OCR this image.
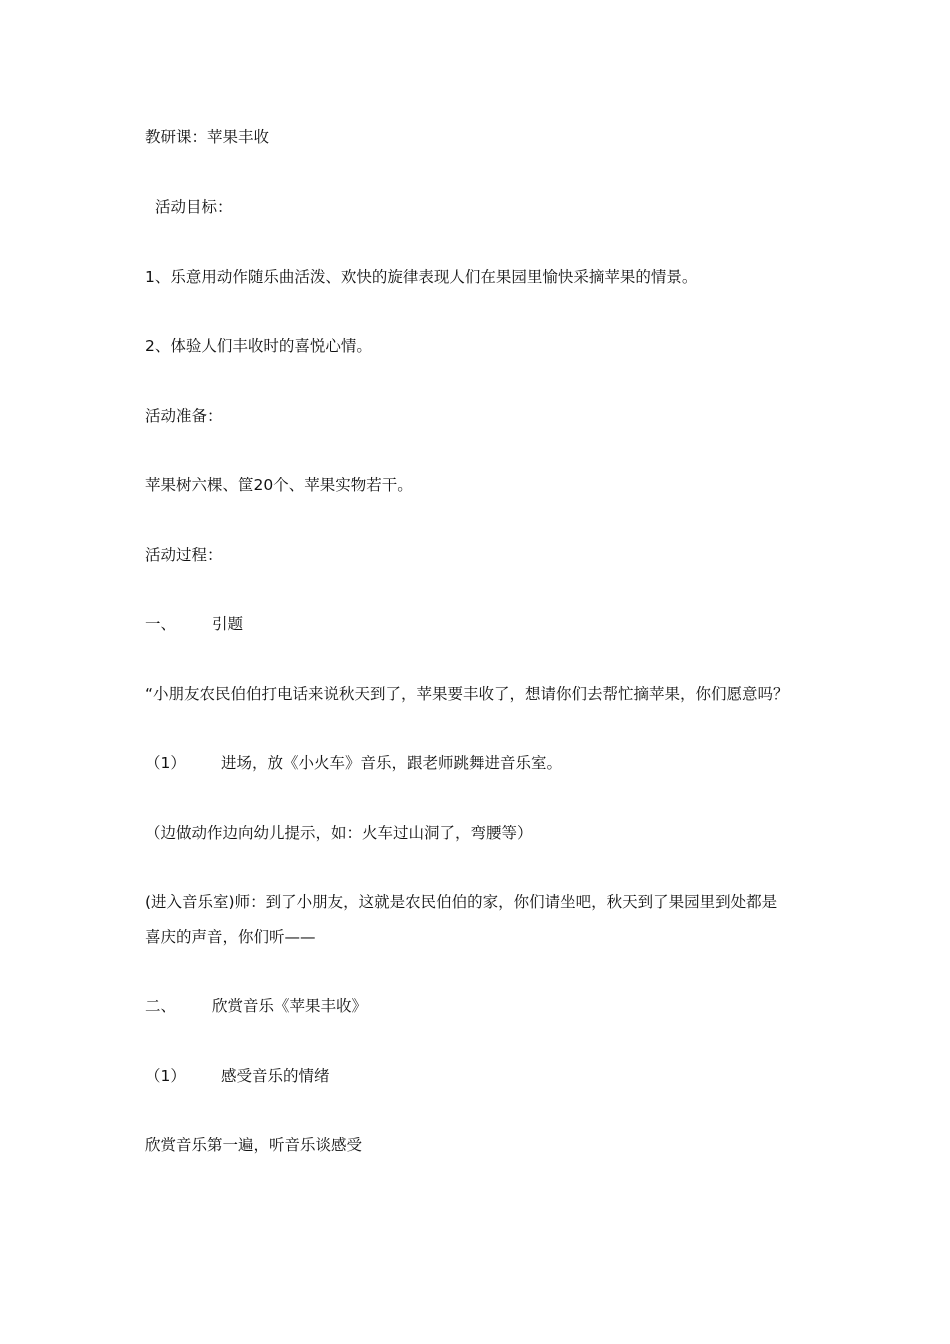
教研课：苹果丰收
活动目标：
1、乐意用动作随乐曲活泼、欢快的旋律表现人们在果园里愉快采摘苹果的情景。
2、体验人们丰收时的喜悦心情。
活动准备：
苹果树六棵、筐20个、苹果实物若干。
活动过程：
一、 引题
“小朋友农民伯伯打电话来说秋天到了，苹果要丰收了，想请你们去帮忙摘苹果，你们愿意吗？
（1） 进场，放《小火车》音乐，跟老师跳舞进音乐室。
（边做动作边向幼儿提示，如：火车过山洞了，弯腰等）
(进入音乐室)师：到了小朋友，这就是农民伯伯的家，你们请坐吧，秋天到了果园里到处都是
喜庆的声音，你们听——
二、 欣赏音乐《苹果丰收》
（1） 感受音乐的情绪
欣赏音乐第一遍，听音乐谈感受
